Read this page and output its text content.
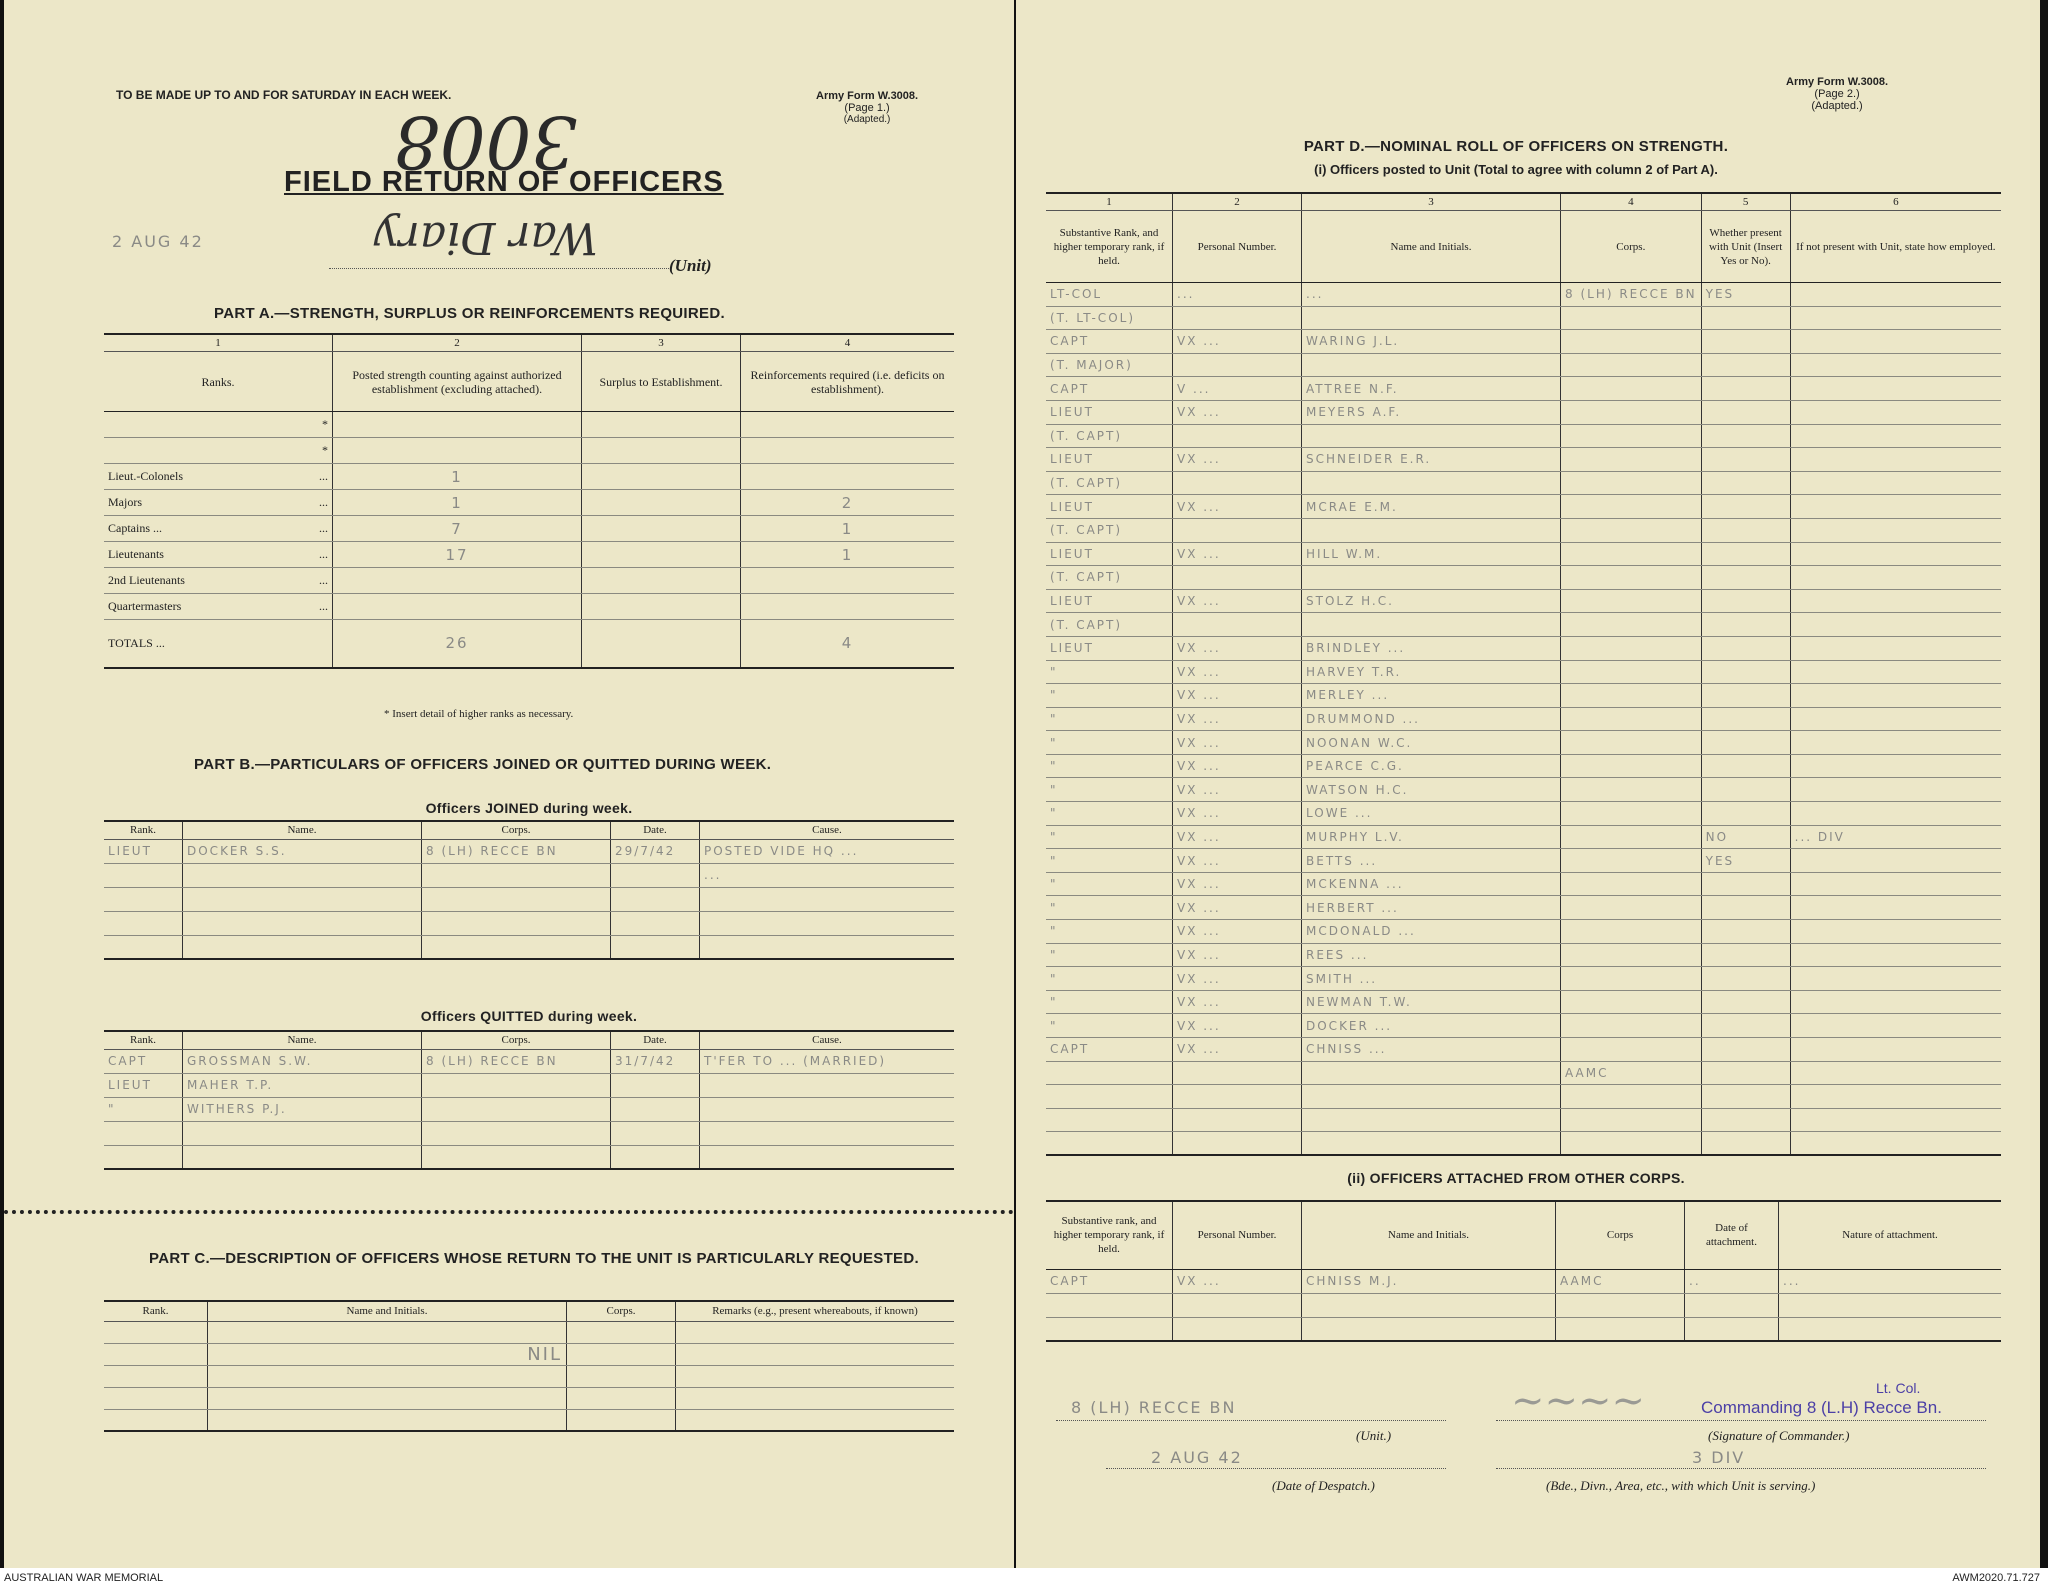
TO BE MADE UP TO AND FOR SATURDAY IN EACH WEEK.	Army Form W.3008.
(Page 1.)
(Adapted.)
3008
FIELD RETURN OF OFFICERS
2 AUG 42	War Diary
(Unit)
PART A.—STRENGTH, SURPLUS OR REINFORCEMENTS REQUIRED.
1	2	3	4
Ranks.	Posted strength counting against authorized establishment (excluding attached).	Surplus to Establishment.	Reinforcements required (i.e. deficits on establishment).

*			

*			

Lieut.-Colonels ...	1		
Majors ...	1		2
Captains ... ...	7		1
Lieutenants ...	17		1
2nd Lieutenants ...			

Quartermasters ...			

TOTALS ...	26		4
* Insert detail of higher ranks as necessary.
PART B.—PARTICULARS OF OFFICERS JOINED OR QUITTED DURING WEEK.
Officers JOINED during week.
Rank.	Name.	Corps.	Date.	Cause.
LIEUT	DOCKER S.S.	8 (LH) RECCE BN	29/7/42	POSTED VIDE HQ ...
				...

Officers QUITTED during week.
Rank.	Name.	Corps.	Date.	Cause.
CAPT	GROSSMAN S.W.	8 (LH) RECCE BN	31/7/42	T'FER TO ... (MARRIED)
LIEUT	MAHER T.P.			
"	WITHERS P.J.			

PART C.—DESCRIPTION OF OFFICERS WHOSE RETURN TO THE UNIT IS PARTICULARLY REQUESTED.
Rank.	Name and Initials.	Corps.	Remarks (e.g., present whereabouts, if known)

	NIL		

Army Form W.3008.
(Page 2.)
(Adapted.)
PART D.—NOMINAL ROLL OF OFFICERS ON STRENGTH.
(i) Officers posted to Unit (Total to agree with column 2 of Part A).
1	2	3	4	5	6
Substantive Rank, and higher temporary rank, if held.	Personal Number.	Name and Initials.	Corps.	Whether present with Unit (Insert Yes or No).	If not present with Unit, state how employed.
LT-COL	...	...	8 (LH) RECCE BN	YES	
(T. LT-COL)					
CAPT	VX ...	WARING J.L.			
(T. MAJOR)					
CAPT	V ...	ATTREE N.F.			
LIEUT	VX ...	MEYERS A.F.			
(T. CAPT)					
LIEUT	VX ...	SCHNEIDER E.R.			
(T. CAPT)					
LIEUT	VX ...	MCRAE E.M.			
(T. CAPT)					
LIEUT	VX ...	HILL W.M.			
(T. CAPT)					
LIEUT	VX ...	STOLZ H.C.			
(T. CAPT)					
LIEUT	VX ...	BRINDLEY ...			
"	VX ...	HARVEY T.R.			
"	VX ...	MERLEY ...			
"	VX ...	DRUMMOND ...			
"	VX ...	NOONAN W.C.			
"	VX ...	PEARCE C.G.			
"	VX ...	WATSON H.C.			
"	VX ...	LOWE ...			
"	VX ...	MURPHY L.V.		NO	... DIV
"	VX ...	BETTS ...		YES	
"	VX ...	MCKENNA ...			
"	VX ...	HERBERT ...			
"	VX ...	MCDONALD ...			
"	VX ...	REES ...			
"	VX ...	SMITH ...			
"	VX ...	NEWMAN T.W.			
"	VX ...	DOCKER ...			
CAPT	VX ...	CHNISS ...			
			AAMC		

(ii) OFFICERS ATTACHED FROM OTHER CORPS.
Substantive rank, and higher temporary rank, if held.	Personal Number.	Name and Initials.	Corps	Date of attachment.	Nature of attachment.
CAPT	VX ...	CHNISS M.J.	AAMC	..	...

Lt. Col.
Commanding 8 (L.H) Recce Bn.
~~~~
8 (LH) RECCE BN
(Unit.)	(Signature of Commander.)
2 AUG 42	3 DIV
(Date of Despatch.)	(Bde., Divn., Area, etc., with which Unit is serving.)
AUSTRALIAN WAR MEMORIAL	AWM2020.71.727
